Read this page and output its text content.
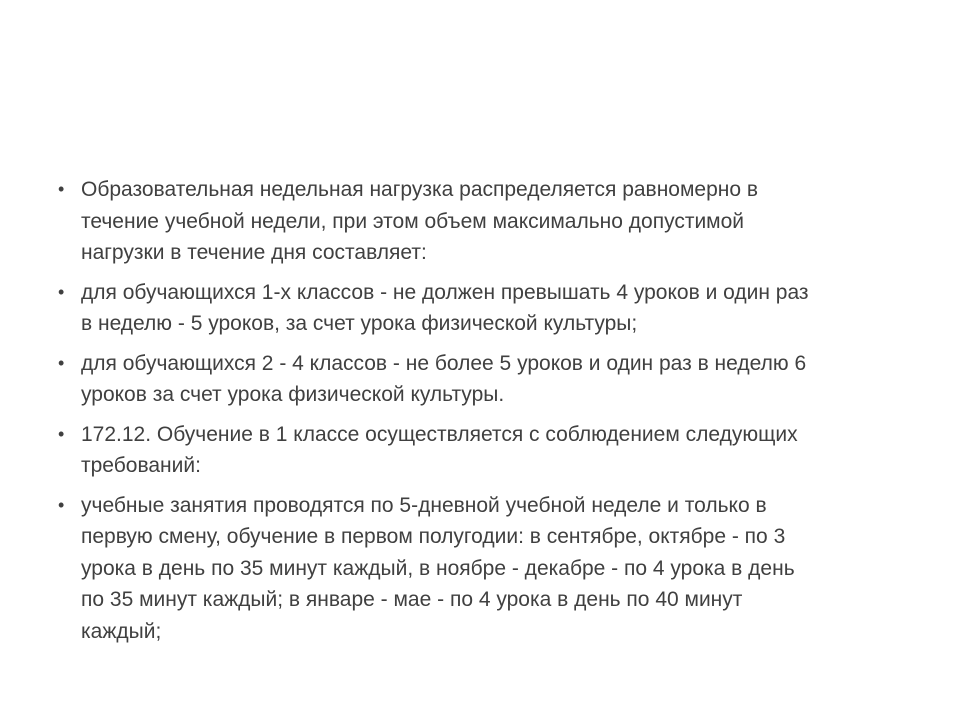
• Образовательная недельная нагрузка распределяется равномерно в
течение учебной недели, при этом объем максимально допустимой
нагрузки в течение дня составляет:
• для обучающихся 1-х классов - не должен превышать 4 уроков и один раз
в неделю - 5 уроков, за счет урока физической культуры;
• для обучающихся 2 - 4 классов - не более 5 уроков и один раз в неделю 6
уроков за счет урока физической культуры.
• 172.12. Обучение в 1 классе осуществляется с соблюдением следующих
требований:
• учебные занятия проводятся по 5-дневной учебной неделе и только в
первую смену, обучение в первом полугодии: в сентябре, октябре - по 3
урока в день по 35 минут каждый, в ноябре - декабре - по 4 урока в день
по 35 минут каждый; в январе - мае - по 4 урока в день по 40 минут
каждый;
